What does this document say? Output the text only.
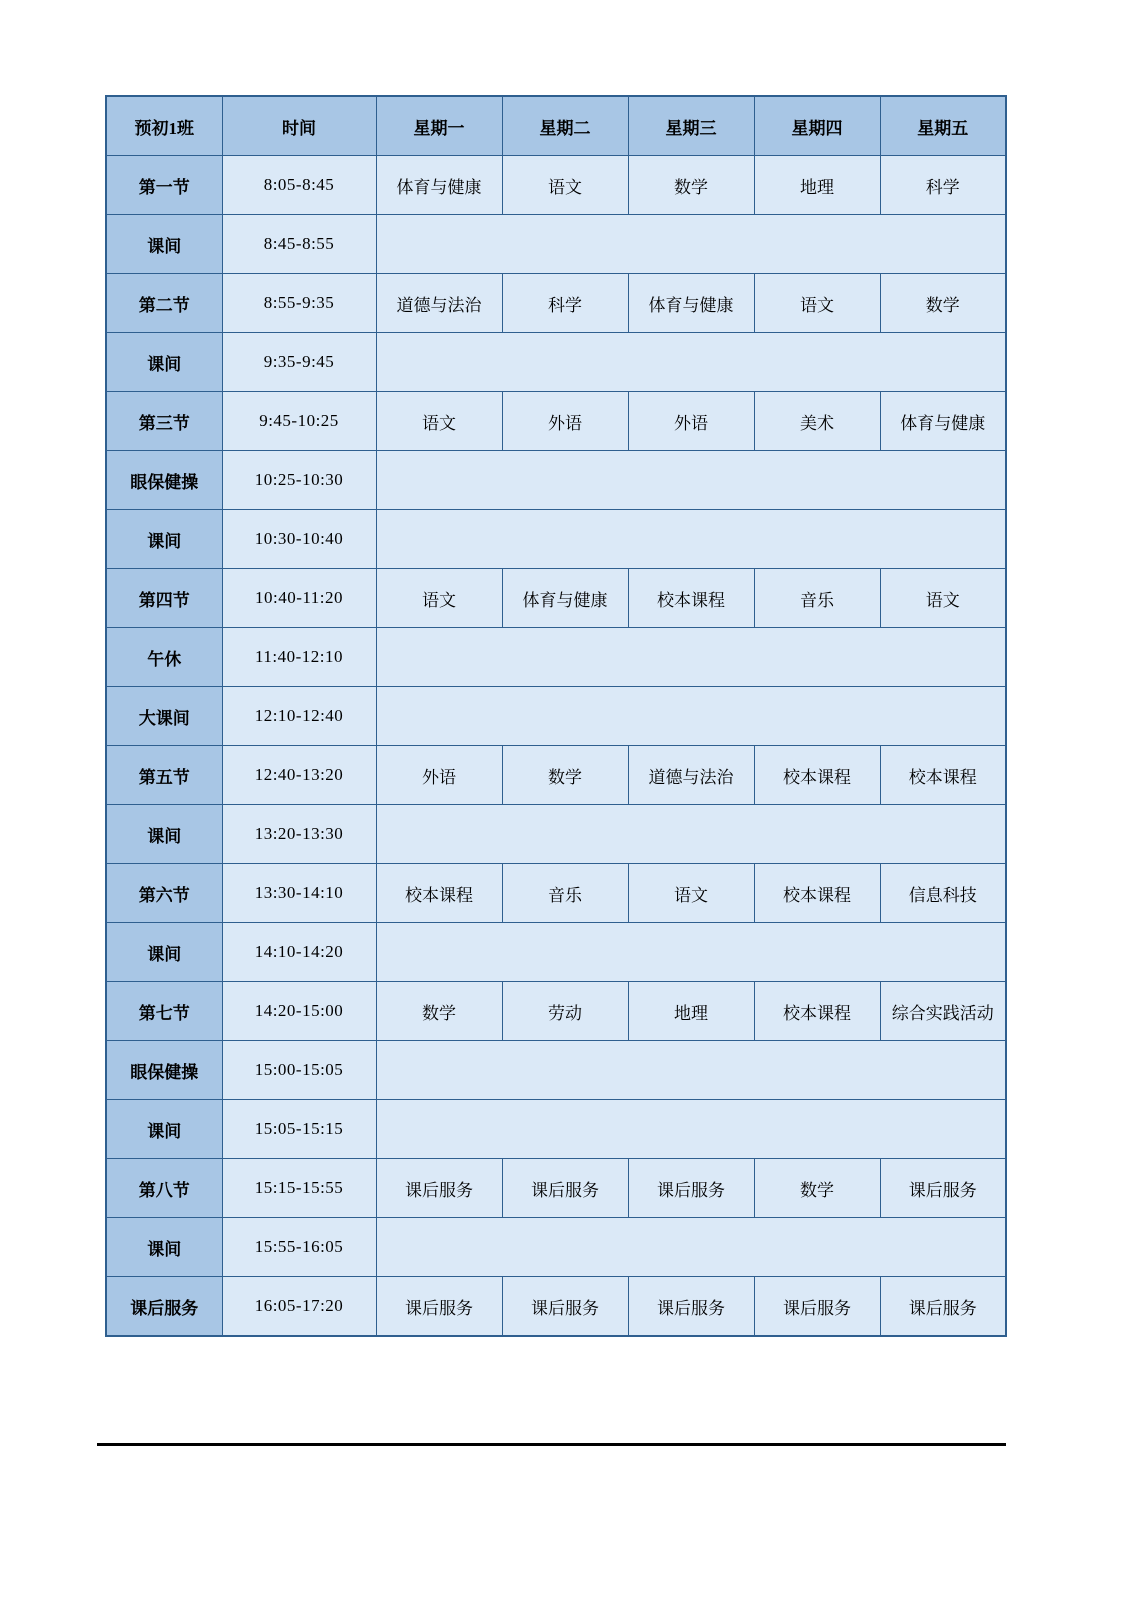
预初1班	时间	星期一	星期二	星期三	星期四	星期五
第一节	8:05-8:45	体育与健康	语文	数学	地理	科学
课间	8:45-8:55					
第二节	8:55-9:35	道德与法治	科学	体育与健康	语文	数学
课间	9:35-9:45					
第三节	9:45-10:25	语文	外语	外语	美术	体育与健康
眼保健操	10:25-10:30					
课间	10:30-10:40					
第四节	10:40-11:20	语文	体育与健康	校本课程	音乐	语文
午休	11:40-12:10					
大课间	12:10-12:40					
第五节	12:40-13:20	外语	数学	道德与法治	校本课程	校本课程
课间	13:20-13:30					
第六节	13:30-14:10	校本课程	音乐	语文	校本课程	信息科技
课间	14:10-14:20					
第七节	14:20-15:00	数学	劳动	地理	校本课程	综合实践活动
眼保健操	15:00-15:05					
课间	15:05-15:15					
第八节	15:15-15:55	课后服务	课后服务	课后服务	数学	课后服务
课间	15:55-16:05					
课后服务	16:05-17:20	课后服务	课后服务	课后服务	课后服务	课后服务
